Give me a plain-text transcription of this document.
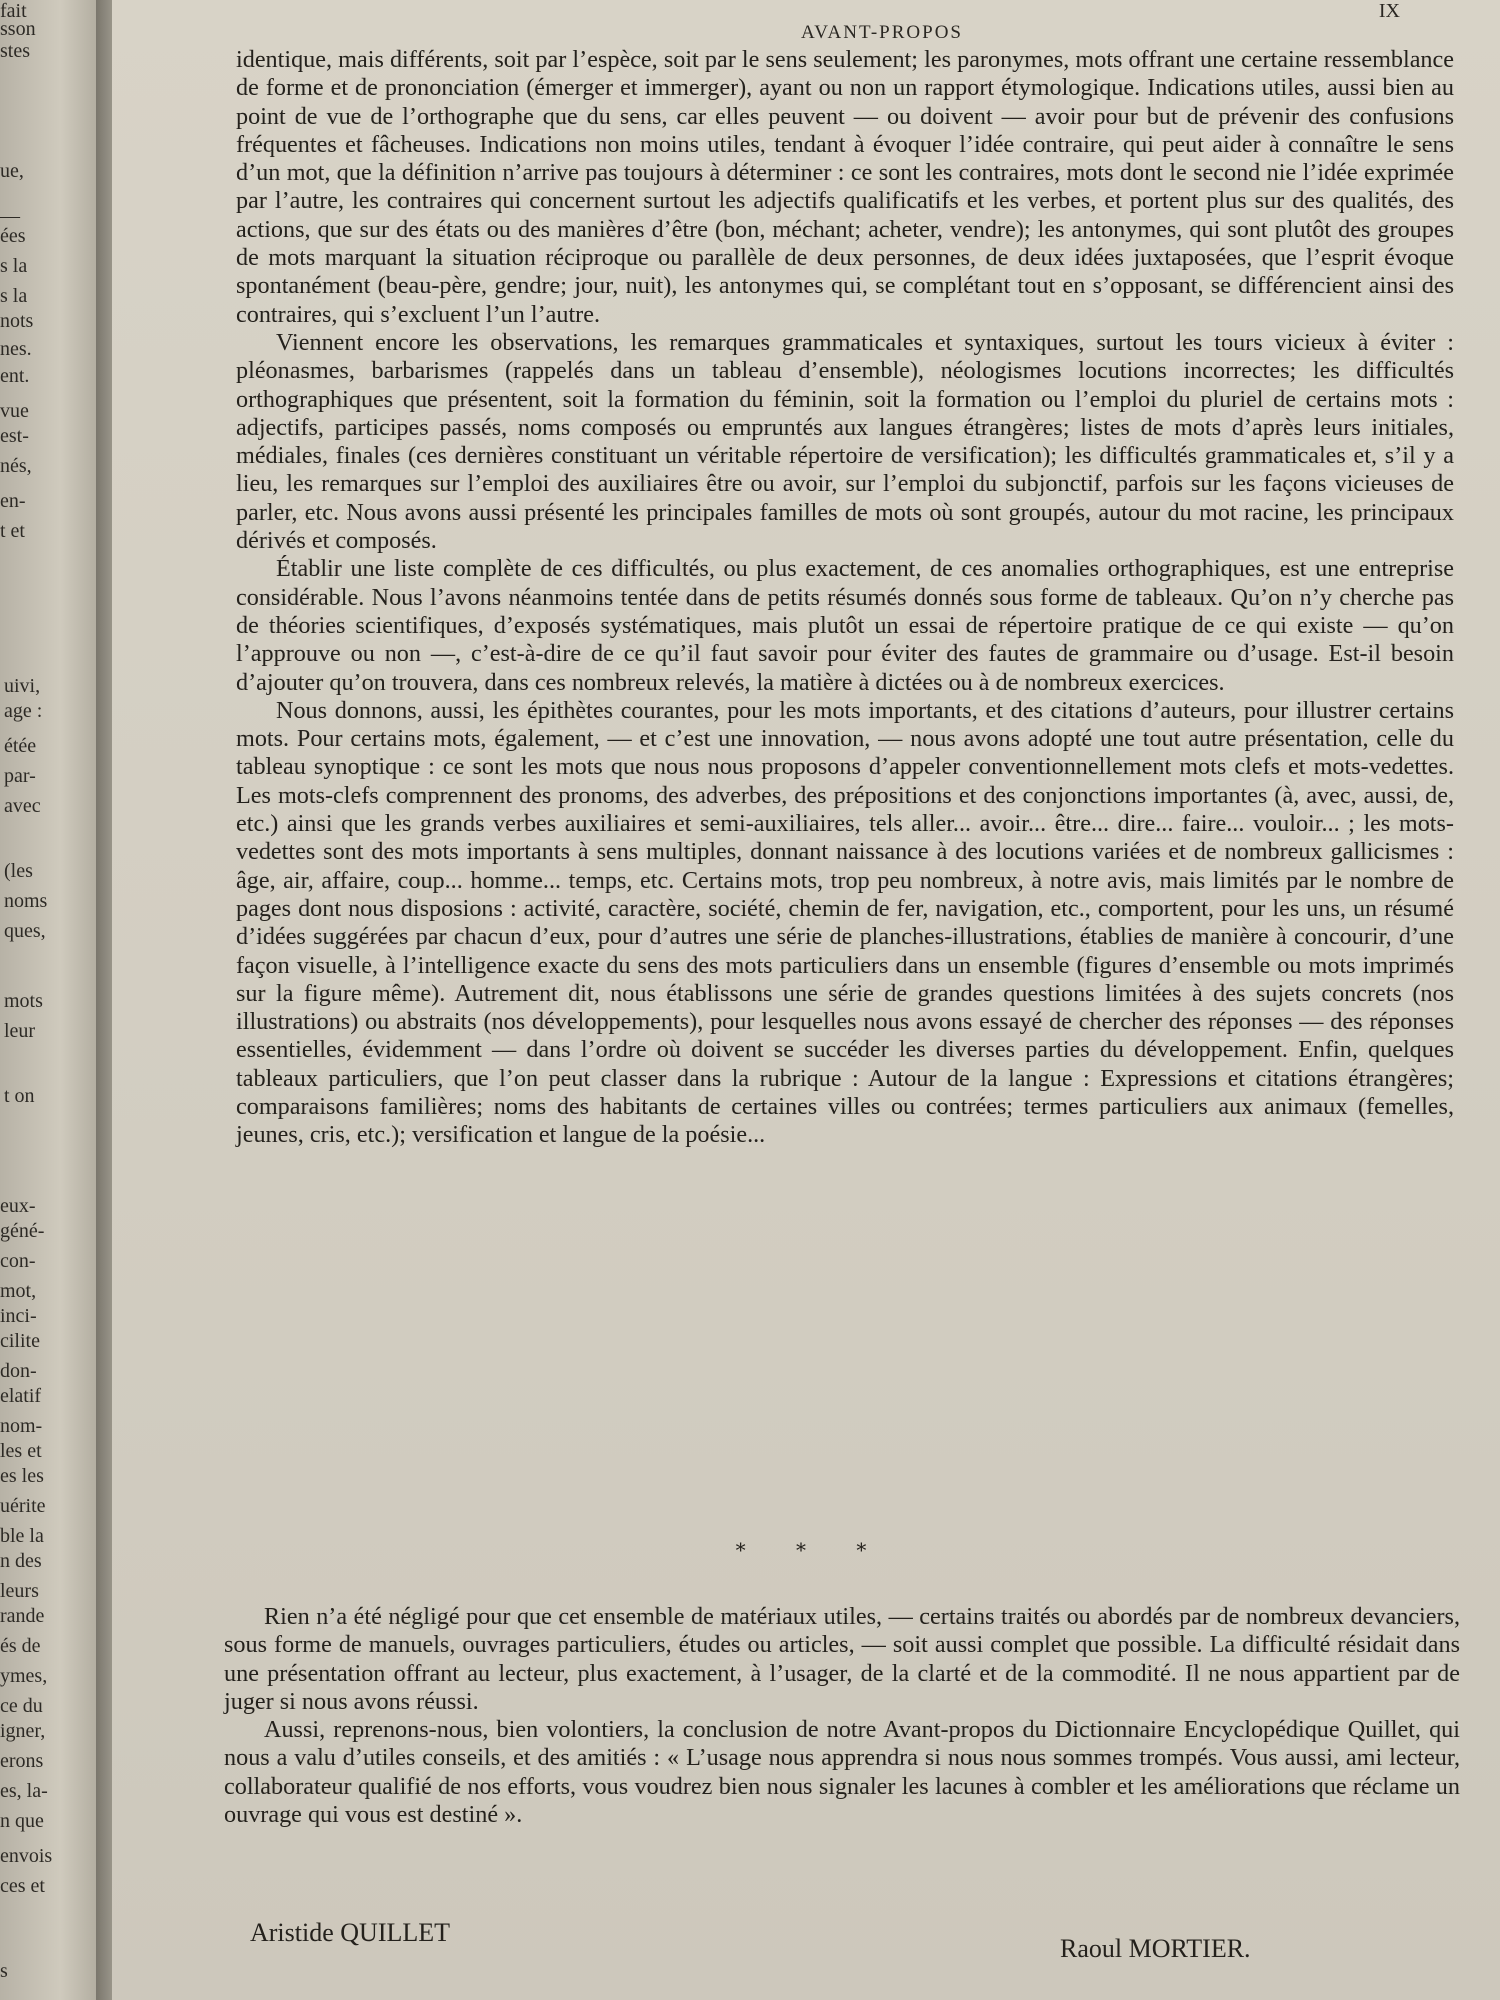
fait
sson
stes
ue,
—
ées
s la
s la
nots
nes.
ent.
vue
est-
nés,
en-
t et
uivi,
age :
étée
par-
avec
(les
noms
ques,
mots
leur
t on
eux-
géné-
con-
mot,
inci-
cilite
don-
elatif
nom-
les et
es les
uérite
ble la
n des
leurs
rande
és de
ymes,
ce du
igner,
erons
es, la-
n que
envois
ces et
s
AVANT-PROPOS
IX

identique, mais différents, soit par l’espèce, soit par le sens seulement; les paronymes, mots offrant une certaine ressemblance de forme et de prononciation (émerger et immerger), ayant ou non un rapport étymologique. Indications utiles, aussi bien au point de vue de l’orthographe que du sens, car elles peuvent — ou doivent — avoir pour but de prévenir des confusions fréquentes et fâcheuses. Indications non moins utiles, tendant à évoquer l’idée contraire, qui peut aider à connaître le sens d’un mot, que la définition n’arrive pas toujours à déterminer : ce sont les contraires, mots dont le second nie l’idée exprimée par l’autre, les contraires qui concernent surtout les adjectifs qualificatifs et les verbes, et portent plus sur des qualités, des actions, que sur des états ou des manières d’être (bon, méchant; acheter, vendre); les antonymes, qui sont plutôt des groupes de mots marquant la situation réciproque ou parallèle de deux personnes, de deux idées juxtaposées, que l’esprit évoque spontanément (beau-père, gendre; jour, nuit), les antonymes qui, se complétant tout en s’opposant, se différencient ainsi des contraires, qui s’excluent l’un l’autre.

Viennent encore les observations, les remarques grammaticales et syntaxiques, surtout les tours vicieux à éviter : pléonasmes, barbarismes (rappelés dans un tableau d’ensemble), néologismes locutions incorrectes; les difficultés orthographiques que présentent, soit la formation du féminin, soit la formation ou l’emploi du pluriel de certains mots : adjectifs, participes passés, noms composés ou empruntés aux langues étrangères; listes de mots d’après leurs initiales, médiales, finales (ces dernières constituant un véritable répertoire de versification); les difficultés grammaticales et, s’il y a lieu, les remarques sur l’emploi des auxiliaires être ou avoir, sur l’emploi du subjonctif, parfois sur les façons vicieuses de parler, etc. Nous avons aussi présenté les principales familles de mots où sont groupés, autour du mot racine, les principaux dérivés et composés.

Établir une liste complète de ces difficultés, ou plus exactement, de ces anomalies orthographiques, est une entreprise considérable. Nous l’avons néanmoins tentée dans de petits résumés donnés sous forme de tableaux. Qu’on n’y cherche pas de théories scientifiques, d’exposés systématiques, mais plutôt un essai de répertoire pratique de ce qui existe — qu’on l’approuve ou non —, c’est-à-dire de ce qu’il faut savoir pour éviter des fautes de grammaire ou d’usage. Est-il besoin d’ajouter qu’on trouvera, dans ces nombreux relevés, la matière à dictées ou à de nombreux exercices.

Nous donnons, aussi, les épithètes courantes, pour les mots importants, et des citations d’auteurs, pour illustrer certains mots. Pour certains mots, également, — et c’est une innovation, — nous avons adopté une tout autre présentation, celle du tableau synoptique : ce sont les mots que nous nous proposons d’appeler conventionnellement mots clefs et mots-vedettes. Les mots-clefs comprennent des pronoms, des adverbes, des prépositions et des conjonctions importantes (à, avec, aussi, de, etc.) ainsi que les grands verbes auxiliaires et semi-auxiliaires, tels aller... avoir... être... dire... faire... vouloir... ; les mots-vedettes sont des mots importants à sens multiples, donnant naissance à des locutions variées et de nombreux gallicismes : âge, air, affaire, coup... homme... temps, etc. Certains mots, trop peu nombreux, à notre avis, mais limités par le nombre de pages dont nous disposions : activité, caractère, société, chemin de fer, navigation, etc., comportent, pour les uns, un résumé d’idées suggérées par chacun d’eux, pour d’autres une série de planches-illustrations, établies de manière à concourir, d’une façon visuelle, à l’intelligence exacte du sens des mots particuliers dans un ensemble (figures d’ensemble ou mots imprimés sur la figure même). Autrement dit, nous établissons une série de grandes questions limitées à des sujets concrets (nos illustrations) ou abstraits (nos développements), pour lesquelles nous avons essayé de chercher des réponses — des réponses essentielles, évidemment — dans l’ordre où doivent se succéder les diverses parties du développement. Enfin, quelques tableaux particuliers, que l’on peut classer dans la rubrique : Autour de la langue : Expressions et citations étrangères; comparaisons familières; noms des habitants de certaines villes ou contrées; termes particuliers aux animaux (femelles, jeunes, cris, etc.); versification et langue de la poésie...

* * *

Rien n’a été négligé pour que cet ensemble de matériaux utiles, — certains traités ou abordés par de nombreux devanciers, sous forme de manuels, ouvrages particuliers, études ou articles, — soit aussi complet que possible. La difficulté résidait dans une présentation offrant au lecteur, plus exactement, à l’usager, de la clarté et de la commodité. Il ne nous appartient par de juger si nous avons réussi.

Aussi, reprenons-nous, bien volontiers, la conclusion de notre Avant-propos du Dictionnaire Encyclopédique Quillet, qui nous a valu d’utiles conseils, et des amitiés : « L’usage nous apprendra si nous nous sommes trompés. Vous aussi, ami lecteur, collaborateur qualifié de nos efforts, vous voudrez bien nous signaler les lacunes à combler et les améliorations que réclame un ouvrage qui vous est destiné ».

Aristide QUILLET
Raoul MORTIER.
